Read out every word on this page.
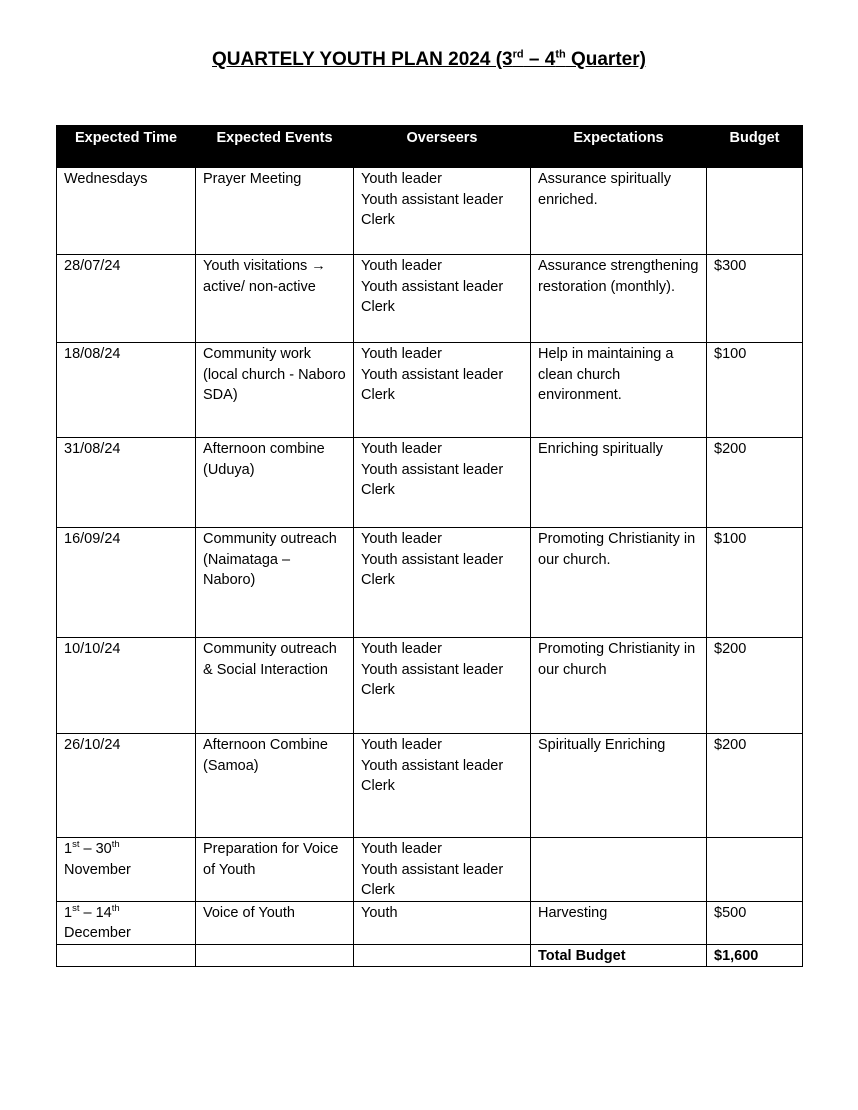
QUARTELY YOUTH PLAN 2024 (3rd – 4th Quarter)
Expected Time	Expected Events	Overseers	Expectations	Budget
Wednesdays	Prayer Meeting	Youth leader
Youth assistant leader
Clerk	Assurance spiritually enriched.	
28/07/24	Youth visitations → active/ non-active	Youth leader
Youth assistant leader
Clerk	Assurance strengthening restoration (monthly).	$300
18/08/24	Community work (local church - Naboro SDA)	Youth leader
Youth assistant leader
Clerk	Help in maintaining a clean church environment.	$100
31/08/24	Afternoon combine (Uduya)	Youth leader
Youth assistant leader
Clerk	Enriching spiritually	$200
16/09/24	Community outreach (Naimataga – Naboro)	Youth leader
Youth assistant leader
Clerk	Promoting Christianity in our church.	$100
10/10/24	Community outreach & Social Interaction	Youth leader
Youth assistant leader
Clerk	Promoting Christianity in our church	$200
26/10/24	Afternoon Combine (Samoa)	Youth leader
Youth assistant leader
Clerk	Spiritually Enriching	$200
1st – 30th
November	Preparation for Voice of Youth	Youth leader
Youth assistant leader
Clerk		
1st – 14th
December	Voice of Youth	Youth	Harvesting	$500
			Total Budget	$1,600
